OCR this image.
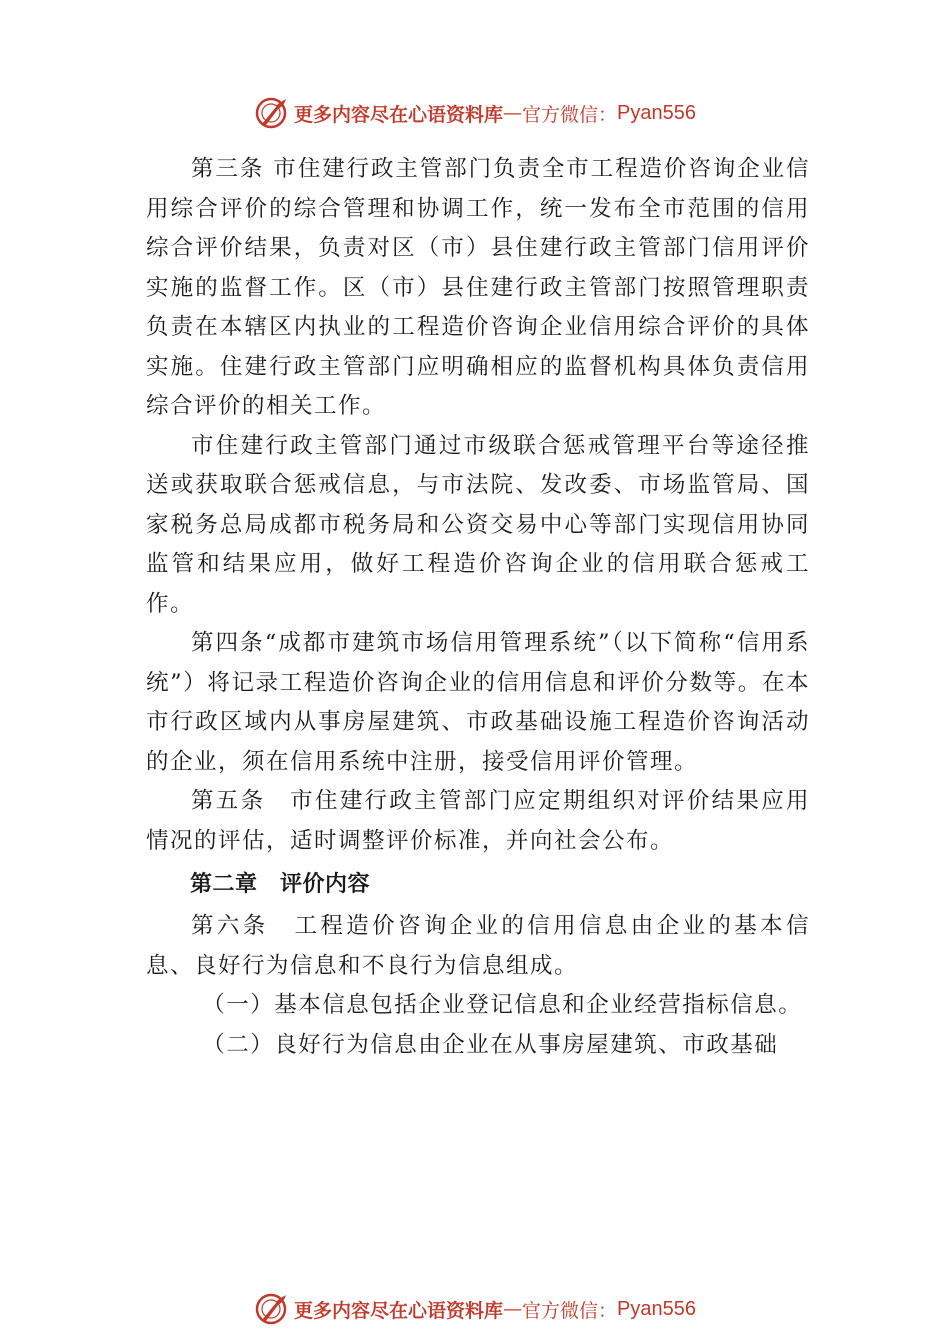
更多内容尽在心语资料库 — 官方微信： Pyan556

第三条 市住建行政主管部门负责全市工程造价咨询企业信用综合评价的综合管理和协调工作，统一发布全市范围的信用综合评价结果，负责对区（市）县住建行政主管部门信用评价实施的监督工作。区（市）县住建行政主管部门按照管理职责负责在本辖区内执业的工程造价咨询企业信用综合评价的具体实施。住建行政主管部门应明确相应的监督机构具体负责信用综合评价的相关工作。

市住建行政主管部门通过市级联合惩戒管理平台等途径推送或获取联合惩戒信息，与市法院、发改委、市场监管局、国家税务总局成都市税务局和公资交易中心等部门实现信用协同监管和结果应用，做好工程造价咨询企业的信用联合惩戒工作。

第四条“成都市建筑市场信用管理系统”（以下简称“信用系统”）将记录工程造价咨询企业的信用信息和评价分数等。在本市行政区域内从事房屋建筑、市政基础设施工程造价咨询活动的企业，须在信用系统中注册，接受信用评价管理。

第五条　市住建行政主管部门应定期组织对评价结果应用情况的评估，适时调整评价标准，并向社会公布。

第二章　评价内容

第六条　工程造价咨询企业的信用信息由企业的基本信息、良好行为信息和不良行为信息组成。

（一）基本信息包括企业登记信息和企业经营指标信息。

（二）良好行为信息由企业在从事房屋建筑、市政基础

更多内容尽在心语资料库 — 官方微信： Pyan556
